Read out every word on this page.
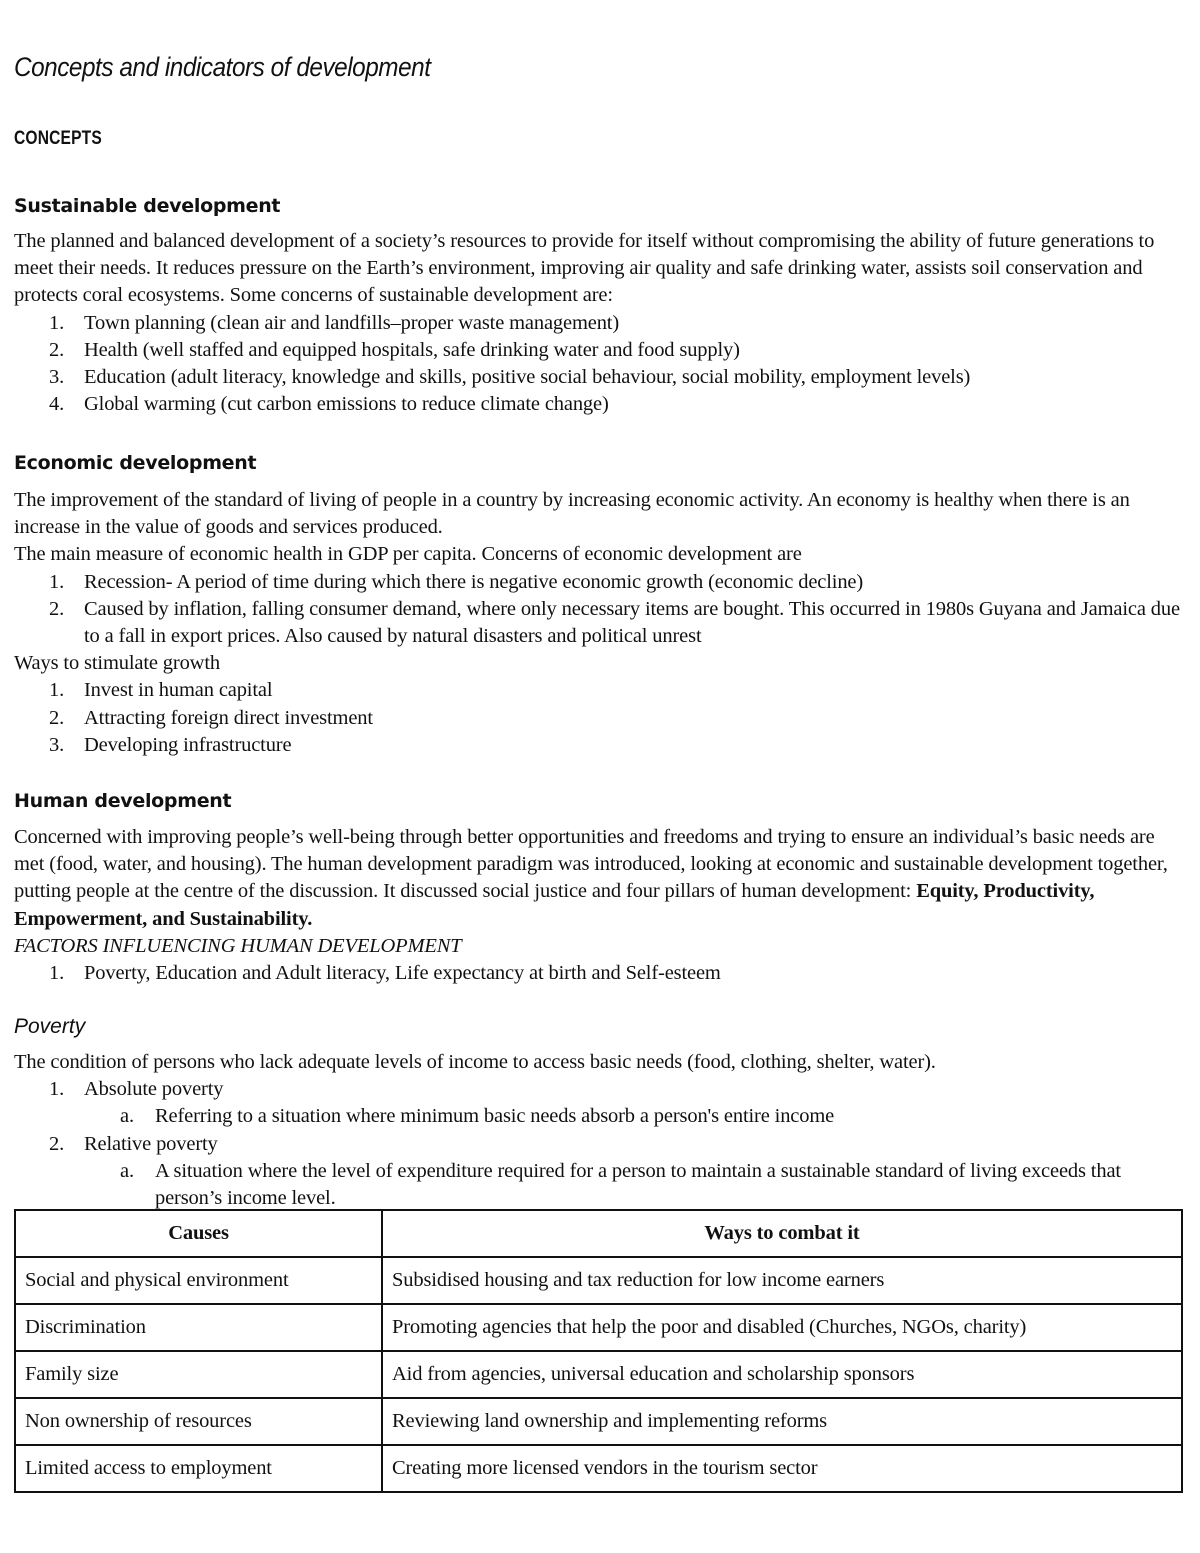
Concepts and indicators of development
CONCEPTS
Sustainable development

The planned and balanced development of a society’s resources to provide for itself without compromising the ability of future generations to meet their needs. It reduces pressure on the Earth’s environment, improving air quality and safe drinking water, assists soil conservation and protects coral ecosystems. Some concerns of sustainable development are:

1. Town planning (clean air and landfills–proper waste management)
2. Health (well staffed and equipped hospitals, safe drinking water and food supply)
3. Education (adult literacy, knowledge and skills, positive social behaviour, social mobility, employment levels)
4. Global warming (cut carbon emissions to reduce climate change)
Economic development

The improvement of the standard of living of people in a country by increasing economic activity. An economy is healthy when there is an increase in the value of goods and services produced.

The main measure of economic health in GDP per capita. Concerns of economic development are

1. Recession- A period of time during which there is negative economic growth (economic decline)
2. Caused by inflation, falling consumer demand, where only necessary items are bought. This occurred in 1980s Guyana and Jamaica due to a fall in export prices. Also caused by natural disasters and political unrest

Ways to stimulate growth

1. Invest in human capital
2. Attracting foreign direct investment
3. Developing infrastructure
Human development

Concerned with improving people’s well-being through better opportunities and freedoms and trying to ensure an individual’s basic needs are met (food, water, and housing). The human development paradigm was introduced, looking at economic and sustainable development together, putting people at the centre of the discussion. It discussed social justice and four pillars of human development: Equity, Productivity, Empowerment, and Sustainability.

FACTORS INFLUENCING HUMAN DEVELOPMENT

1. Poverty, Education and Adult literacy, Life expectancy at birth and Self-esteem
Poverty

The condition of persons who lack adequate levels of income to access basic needs (food, clothing, shelter, water).

1. Absolute poverty
a. Referring to a situation where minimum basic needs absorb a person's entire income
2. Relative poverty
a. A situation where the level of expenditure required for a person to maintain a sustainable standard of living exceeds that person’s income level.
Causes	Ways to combat it
Social and physical environment	Subsidised housing and tax reduction for low income earners
Discrimination	Promoting agencies that help the poor and disabled (Churches, NGOs, charity)
Family size	Aid from agencies, universal education and scholarship sponsors
Non ownership of resources	Reviewing land ownership and implementing reforms
Limited access to employment	Creating more licensed vendors in the tourism sector
